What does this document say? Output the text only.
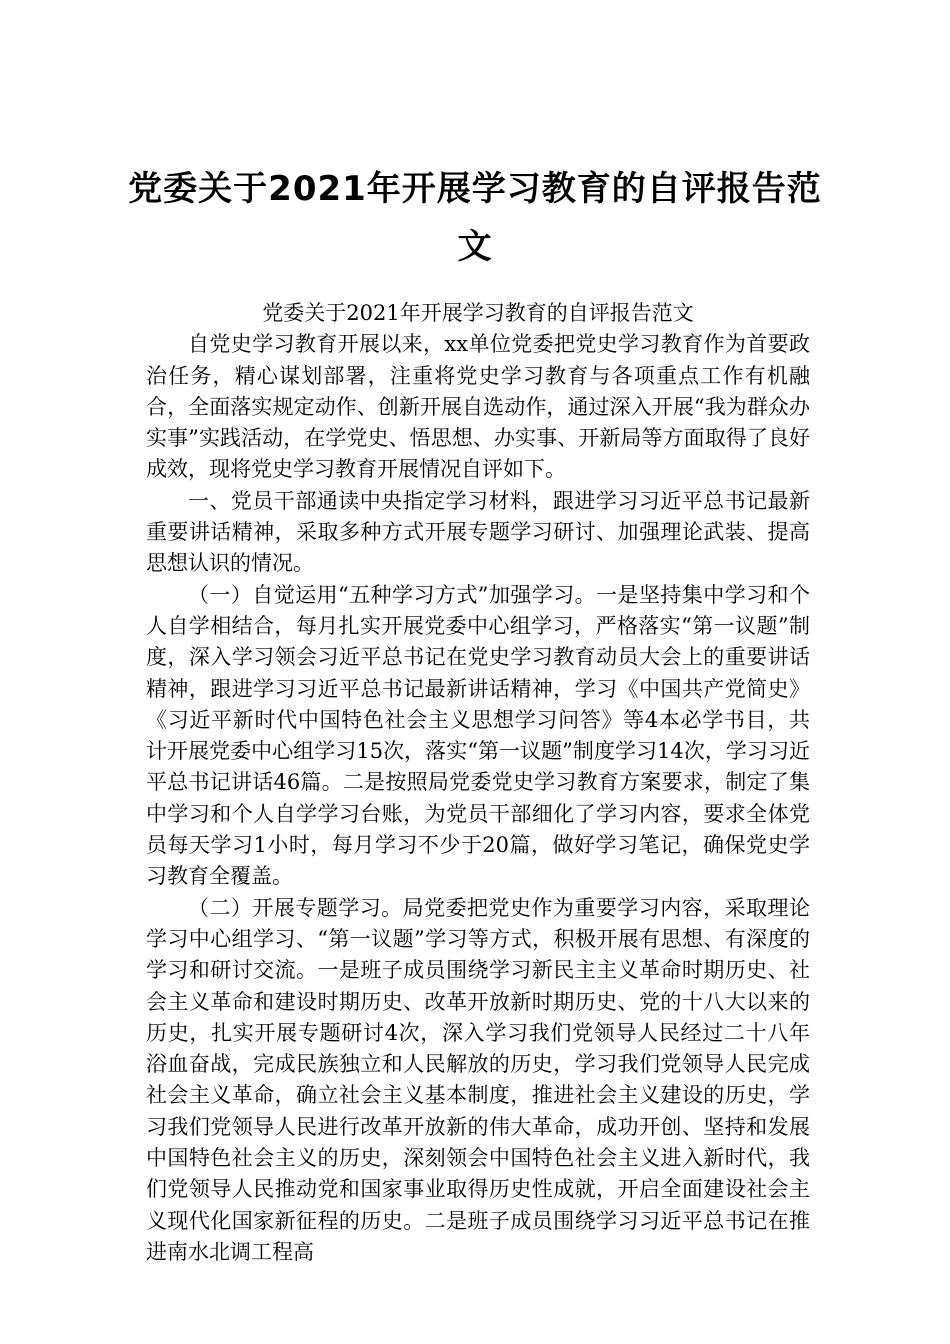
党委关于2021年开展学习教育的自评报告范文

党委关于2021年开展学习教育的自评报告范文

自党史学习教育开展以来，xx单位党委把党史学习教育作为首要政治任务，精心谋划部署，注重将党史学习教育与各项重点工作有机融合，全面落实规定动作、创新开展自选动作，通过深入开展“我为群众办实事”实践活动，在学党史、悟思想、办实事、开新局等方面取得了良好成效，现将党史学习教育开展情况自评如下。

一、党员干部通读中央指定学习材料，跟进学习习近平总书记最新重要讲话精神，采取多种方式开展专题学习研讨、加强理论武装、提高思想认识的情况。

（一）自觉运用“五种学习方式”加强学习。一是坚持集中学习和个人自学相结合，每月扎实开展党委中心组学习，严格落实“第一议题”制度，深入学习领会习近平总书记在党史学习教育动员大会上的重要讲话精神，跟进学习习近平总书记最新讲话精神，学习《中国共产党简史》《习近平新时代中国特色社会主义思想学习问答》等4本必学书目，共计开展党委中心组学习15次，落实“第一议题”制度学习14次，学习习近平总书记讲话46篇。二是按照局党委党史学习教育方案要求，制定了集中学习和个人自学学习台账，为党员干部细化了学习内容，要求全体党员每天学习1小时，每月学习不少于20篇，做好学习笔记，确保党史学习教育全覆盖。

（二）开展专题学习。局党委把党史作为重要学习内容，采取理论学习中心组学习、“第一议题”学习等方式，积极开展有思想、有深度的学习和研讨交流。一是班子成员围绕学习新民主主义革命时期历史、社会主义革命和建设时期历史、改革开放新时期历史、党的十八大以来的历史，扎实开展专题研讨4次，深入学习我们党领导人民经过二十八年浴血奋战，完成民族独立和人民解放的历史，学习我们党领导人民完成社会主义革命，确立社会主义基本制度，推进社会主义建设的历史，学习我们党领导人民进行改革开放新的伟大革命，成功开创、坚持和发展中国特色社会主义的历史，深刻领会中国特色社会主义进入新时代，我们党领导人民推动党和国家事业取得历史性成就，开启全面建设社会主义现代化国家新征程的历史。二是班子成员围绕学习习近平总书记在推进南水北调工程高
